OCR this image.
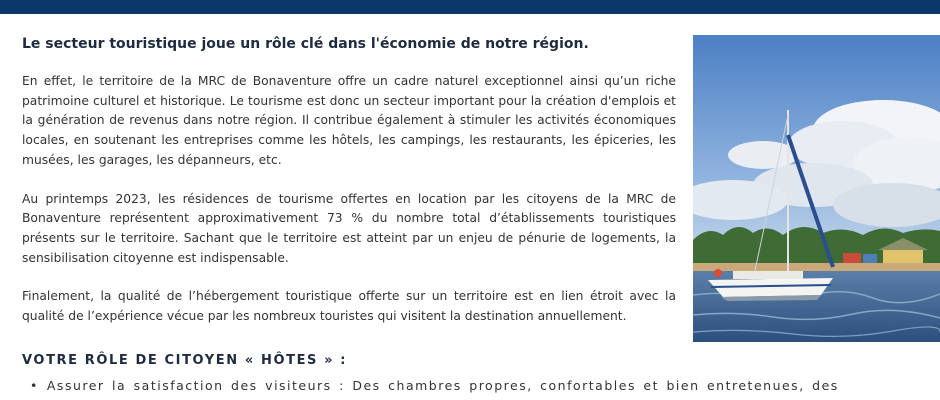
Le secteur touristique joue un rôle clé dans l'économie de notre région.

En effet, le territoire de la MRC de Bonaventure offre un cadre naturel exceptionnel ainsi qu’un riche patrimoine culturel et historique. Le tourisme est donc un secteur important pour la création d'emplois et la génération de revenus dans notre région. Il contribue également à stimuler les activités économiques locales, en soutenant les entreprises comme les hôtels, les campings, les restaurants, les épiceries, les musées, les garages, les dépanneurs, etc.

Au printemps 2023, les résidences de tourisme offertes en location par les citoyens de la MRC de Bonaventure représentent approximativement 73 % du nombre total d’établissements touristiques présents sur le territoire. Sachant que le territoire est atteint par un enjeu de pénurie de logements, la sensibilisation citoyenne est indispensable.

Finalement, la qualité de l’hébergement touristique offerte sur un territoire est en lien étroit avec la qualité de l’expérience vécue par les nombreux touristes qui visitent la destination annuellement.

VOTRE RÔLE DE CITOYEN « HÔTES » :
• Assurer la satisfaction des visiteurs : Des chambres propres, confortables et bien entretenues, des
